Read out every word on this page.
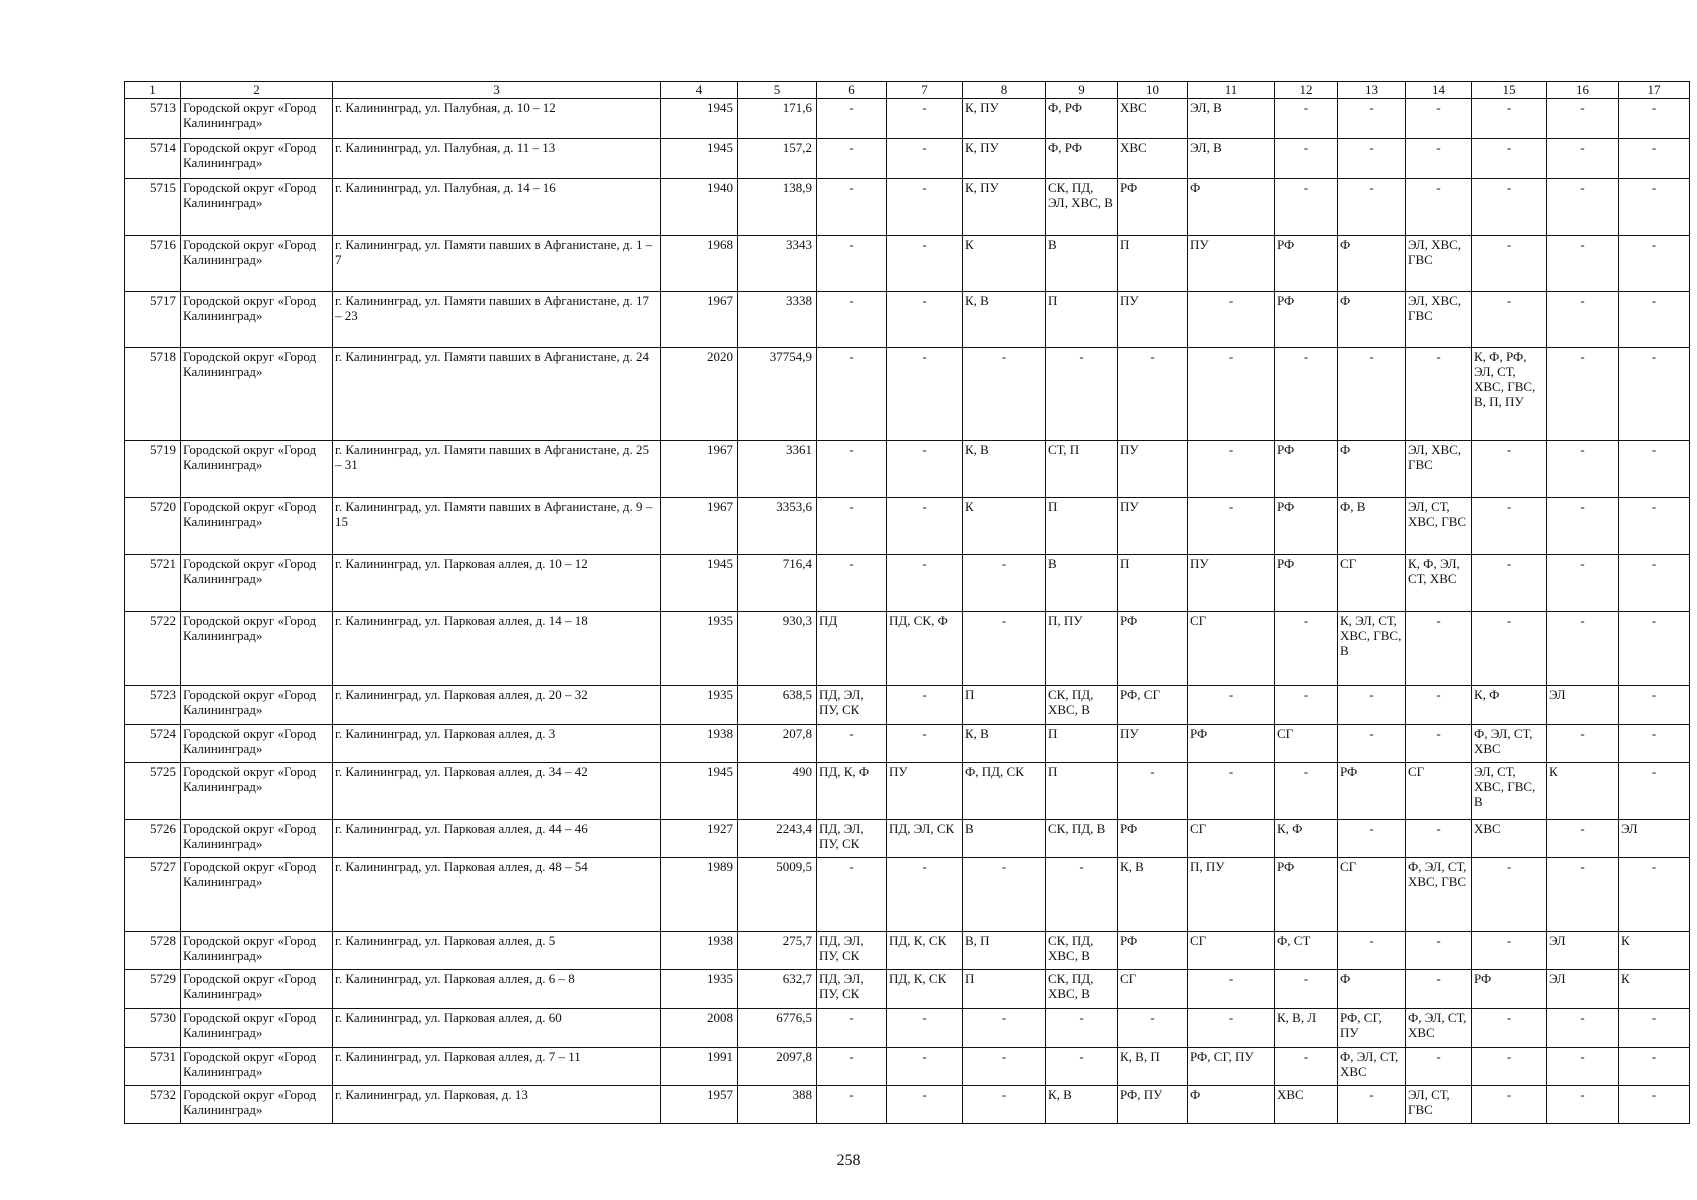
1	2	3	4	5	6	7	8	9	10	11	12	13	14	15	16	17
5713	Городской округ «Город Калининград»	г. Калининград, ул. Палубная, д. 10 – 12	1945	171,6	-	-	К, ПУ	Ф, РФ	ХВС	ЭЛ, В	-	-	-	-	-	-
5714	Городской округ «Город Калининград»	г. Калининград, ул. Палубная, д. 11 – 13	1945	157,2	-	-	К, ПУ	Ф, РФ	ХВС	ЭЛ, В	-	-	-	-	-	-
5715	Городской округ «Город Калининград»	г. Калининград, ул. Палубная, д. 14 – 16	1940	138,9	-	-	К, ПУ	СК, ПД, ЭЛ, ХВС, В	РФ	Ф	-	-	-	-	-	-
5716	Городской округ «Город Калининград»	г. Калининград, ул. Памяти павших в Афганистане, д. 1 – 7	1968	3343	-	-	К	В	П	ПУ	РФ	Ф	ЭЛ, ХВС, ГВС	-	-	-
5717	Городской округ «Город Калининград»	г. Калининград, ул. Памяти павших в Афганистане, д. 17 – 23	1967	3338	-	-	К, В	П	ПУ	-	РФ	Ф	ЭЛ, ХВС, ГВС	-	-	-
5718	Городской округ «Город Калининград»	г. Калининград, ул. Памяти павших в Афганистане, д. 24	2020	37754,9	-	-	-	-	-	-	-	-	-	К, Ф, РФ, ЭЛ, СТ, ХВС, ГВС, В, П, ПУ	-	-
5719	Городской округ «Город Калининград»	г. Калининград, ул. Памяти павших в Афганистане, д. 25 – 31	1967	3361	-	-	К, В	СТ, П	ПУ	-	РФ	Ф	ЭЛ, ХВС, ГВС	-	-	-
5720	Городской округ «Город Калининград»	г. Калининград, ул. Памяти павших в Афганистане, д. 9 – 15	1967	3353,6	-	-	К	П	ПУ	-	РФ	Ф, В	ЭЛ, СТ, ХВС, ГВС	-	-	-
5721	Городской округ «Город Калининград»	г. Калининград, ул. Парковая аллея, д. 10 – 12	1945	716,4	-	-	-	В	П	ПУ	РФ	СГ	К, Ф, ЭЛ, СТ, ХВС	-	-	-
5722	Городской округ «Город Калининград»	г. Калининград, ул. Парковая аллея, д. 14 – 18	1935	930,3	ПД	ПД, СК, Ф	-	П, ПУ	РФ	СГ	-	К, ЭЛ, СТ, ХВС, ГВС, В	-	-	-	-
5723	Городской округ «Город Калининград»	г. Калининград, ул. Парковая аллея, д. 20 – 32	1935	638,5	ПД, ЭЛ, ПУ, СК	-	П	СК, ПД, ХВС, В	РФ, СГ	-	-	-	-	К, Ф	ЭЛ	-
5724	Городской округ «Город Калининград»	г. Калининград, ул. Парковая аллея, д. 3	1938	207,8	-	-	К, В	П	ПУ	РФ	СГ	-	-	Ф, ЭЛ, СТ, ХВС	-	-
5725	Городской округ «Город Калининград»	г. Калининград, ул. Парковая аллея, д. 34 – 42	1945	490	ПД, К, Ф	ПУ	Ф, ПД, СК	П	-	-	-	РФ	СГ	ЭЛ, СТ, ХВС, ГВС, В	К	-
5726	Городской округ «Город Калининград»	г. Калининград, ул. Парковая аллея, д. 44 – 46	1927	2243,4	ПД, ЭЛ, ПУ, СК	ПД, ЭЛ, СК	В	СК, ПД, В	РФ	СГ	К, Ф	-	-	ХВС	-	ЭЛ
5727	Городской округ «Город Калининград»	г. Калининград, ул. Парковая аллея, д. 48 – 54	1989	5009,5	-	-	-	-	К, В	П, ПУ	РФ	СГ	Ф, ЭЛ, СТ, ХВС, ГВС	-	-	-
5728	Городской округ «Город Калининград»	г. Калининград, ул. Парковая аллея, д. 5	1938	275,7	ПД, ЭЛ, ПУ, СК	ПД, К, СК	В, П	СК, ПД, ХВС, В	РФ	СГ	Ф, СТ	-	-	-	ЭЛ	К
5729	Городской округ «Город Калининград»	г. Калининград, ул. Парковая аллея, д. 6 – 8	1935	632,7	ПД, ЭЛ, ПУ, СК	ПД, К, СК	П	СК, ПД, ХВС, В	СГ	-	-	Ф	-	РФ	ЭЛ	К
5730	Городской округ «Город Калининград»	г. Калининград, ул. Парковая аллея, д. 60	2008	6776,5	-	-	-	-	-	-	К, В, Л	РФ, СГ, ПУ	Ф, ЭЛ, СТ, ХВС	-	-	-
5731	Городской округ «Город Калининград»	г. Калининград, ул. Парковая аллея, д. 7 – 11	1991	2097,8	-	-	-	-	К, В, П	РФ, СГ, ПУ	-	Ф, ЭЛ, СТ, ХВС	-	-	-	-
5732	Городской округ «Город Калининград»	г. Калининград, ул. Парковая, д. 13	1957	388	-	-	-	К, В	РФ, ПУ	Ф	ХВС	-	ЭЛ, СТ, ГВС	-	-	-
258
